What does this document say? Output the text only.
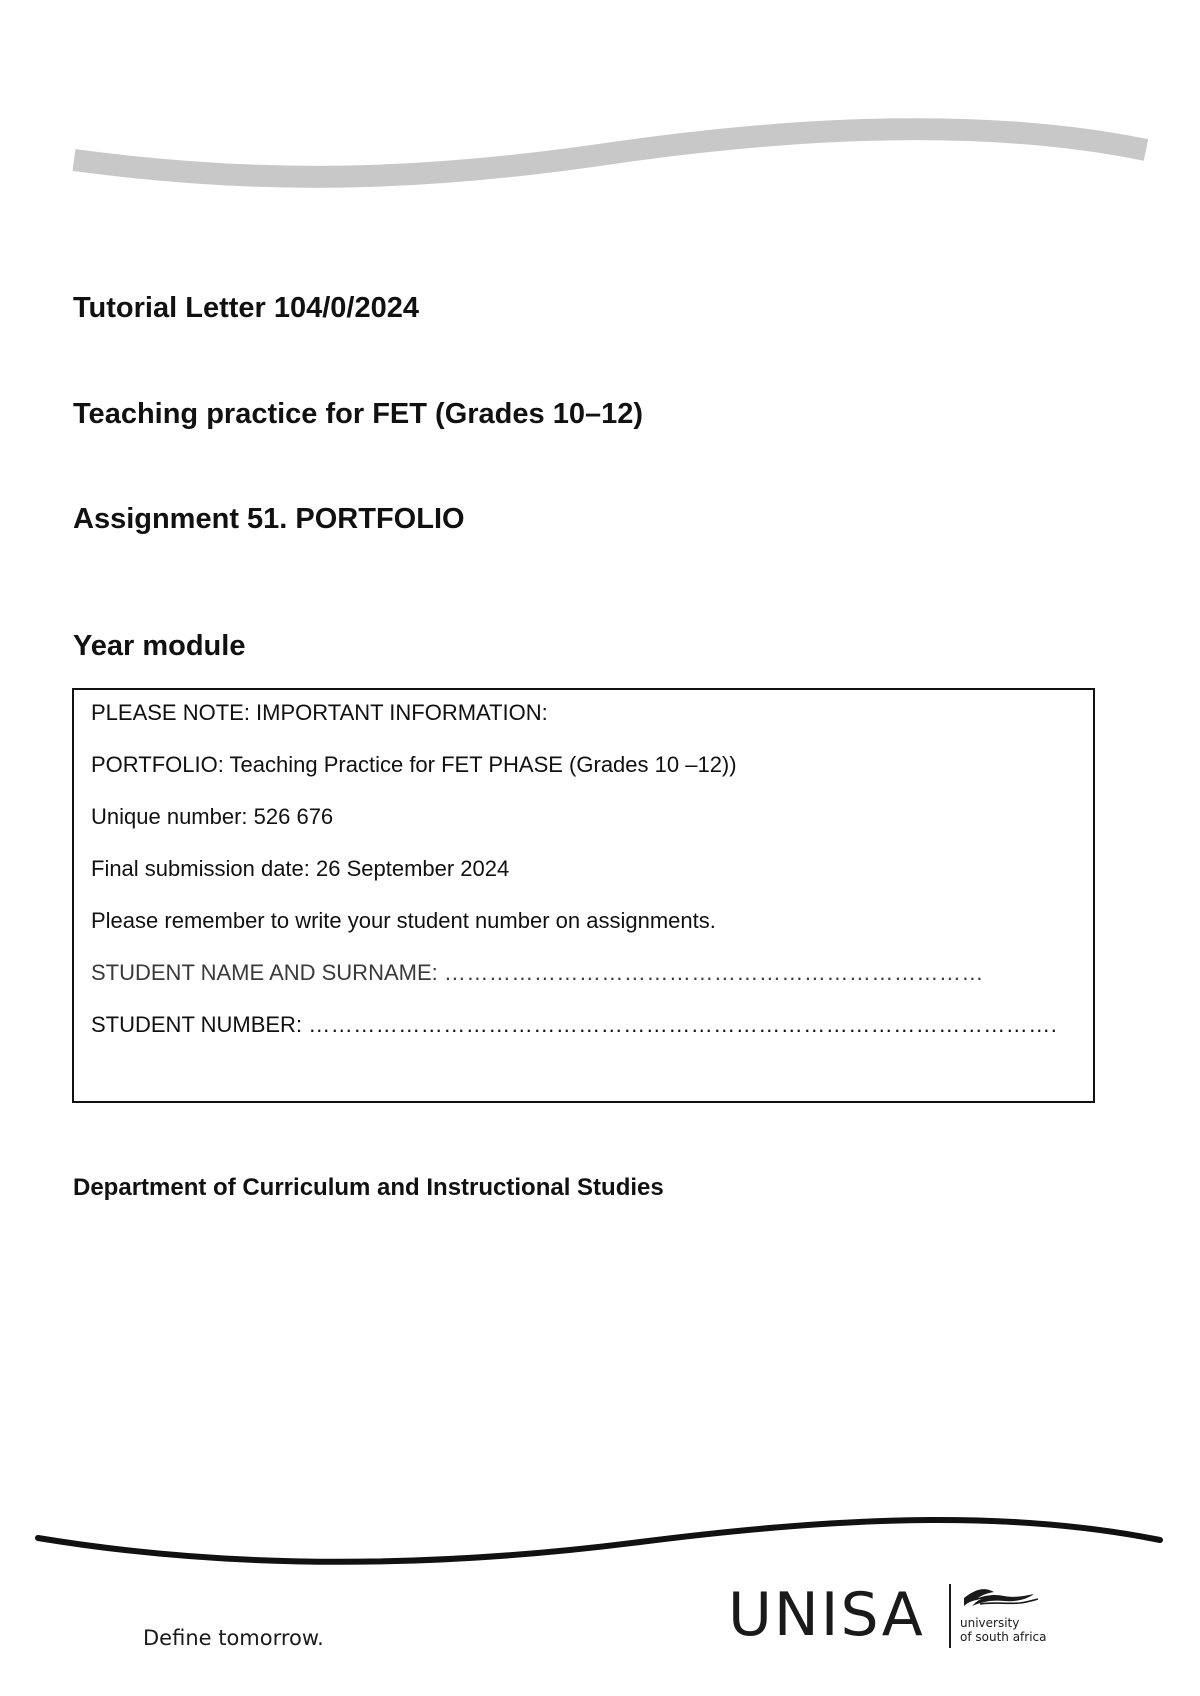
Tutorial Letter 104/0/2024
Teaching practice for FET (Grades 10–12)
Assignment 51. PORTFOLIO
Year module

PLEASE NOTE: IMPORTANT INFORMATION:

PORTFOLIO: Teaching Practice for FET PHASE (Grades 10 –12))

Unique number: 526 676

Final submission date: 26 September 2024

Please remember to write your student number on assignments.

STUDENT NAME AND SURNAME: ………………………………………………………………

STUDENT NUMBER: ……………………………………………………………………………………….

Department of Curriculum and Instructional Studies
Define tomorrow.	UNISA	university
of south africa
